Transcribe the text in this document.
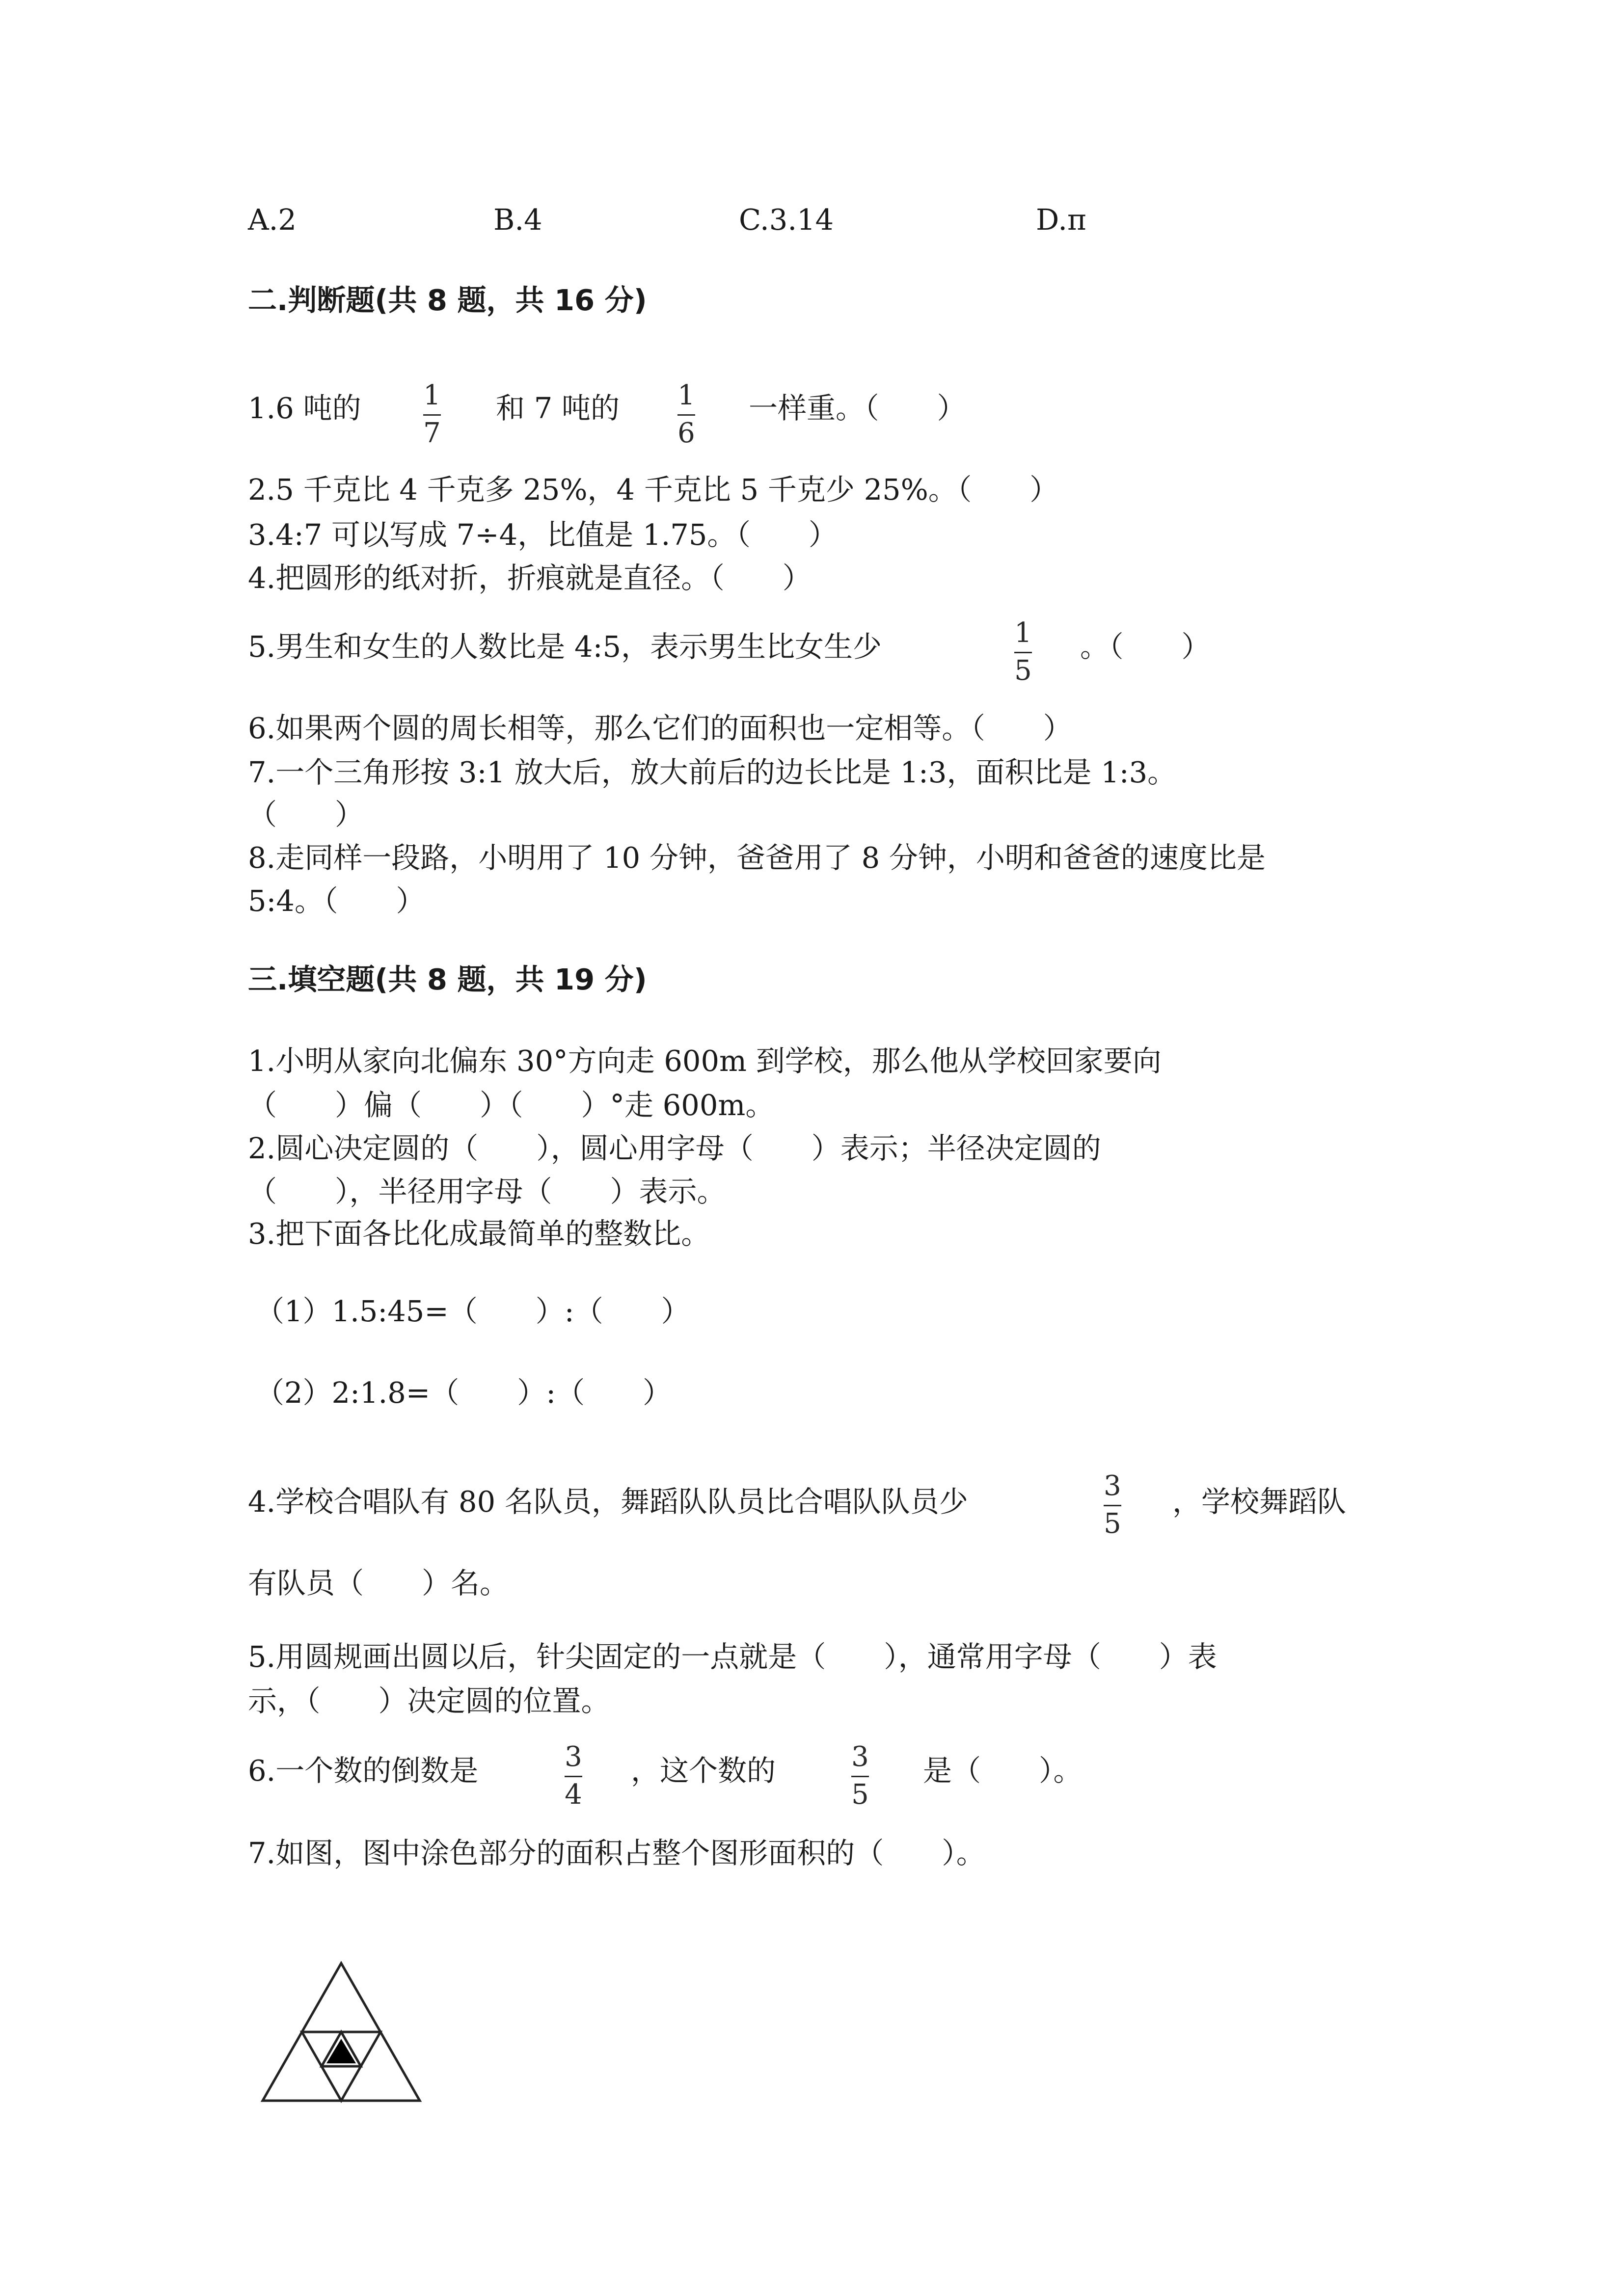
A.2	B.4	C.3.14	D.π
二.判断题(共 8 题，共 16 分)
1.6 吨的 1
7
和 7 吨的 1
6
一样重。（　　）
2.5 千克比 4 千克多 25%，4 千克比 5 千克少 25%。（　　）
3.4:7 可以写成 7÷4，比值是 1.75。（　　）
4.把圆形的纸对折，折痕就是直径。（　　）
5.男生和女生的人数比是 4:5，表示男生比女生少	1
5
。（　　）
6.如果两个圆的周长相等，那么它们的面积也一定相等。（　　）
7.一个三角形按 3:1 放大后，放大前后的边长比是 1:3，面积比是 1:3。
（　　）
8.走同样一段路，小明用了 10 分钟，爸爸用了 8 分钟，小明和爸爸的速度比是
5:4。（　　）
三.填空题(共 8 题，共 19 分)
1.小明从家向北偏东 30°方向走 600m 到学校，那么他从学校回家要向
（　　）偏（　　）（　　）°走 600m。
2.圆心决定圆的（　　），圆心用字母（　　）表示；半径决定圆的
（　　），半径用字母（　　）表示。
3.把下面各比化成最简单的整数比。
（1）1.5:45=（　　）:（　　）
（2）2:1.8=（　　）:（　　）
4.学校合唱队有 80 名队员，舞蹈队队员比合唱队队员少	3
5
，学校舞蹈队
有队员（　　）名。
5.用圆规画出圆以后，针尖固定的一点就是（　　），通常用字母（　　）表
示，（　　）决定圆的位置。
6.一个数的倒数是	3
4
，这个数的	3
5
是（　　）。
7.如图，图中涂色部分的面积占整个图形面积的（　　）。
